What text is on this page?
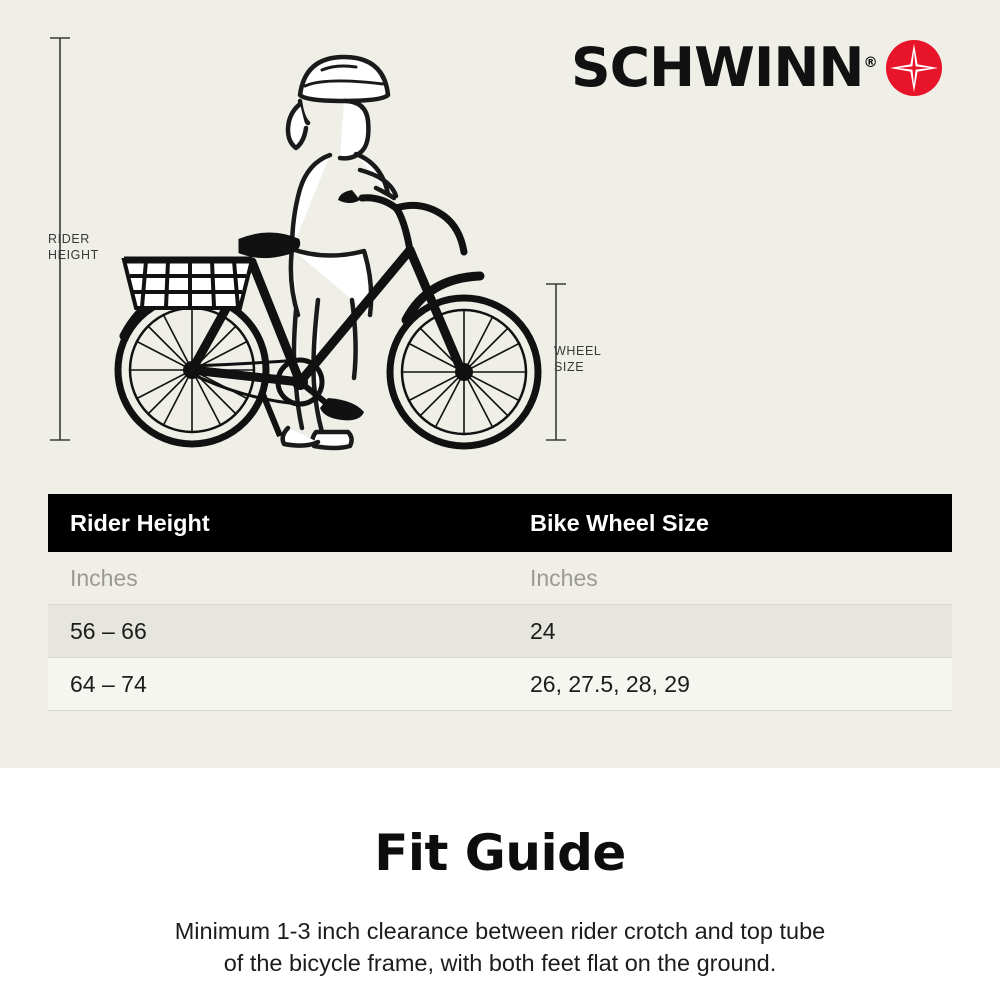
SCHWINN®
RIDER
HEIGHT
WHEEL
SIZE
Rider Height	Bike Wheel Size
Inches	Inches
56 – 66	24
64 – 74	26, 27.5, 28, 29
Fit Guide
Minimum 1-3 inch clearance between rider crotch and top tube
of the bicycle frame, with both feet flat on the ground.
